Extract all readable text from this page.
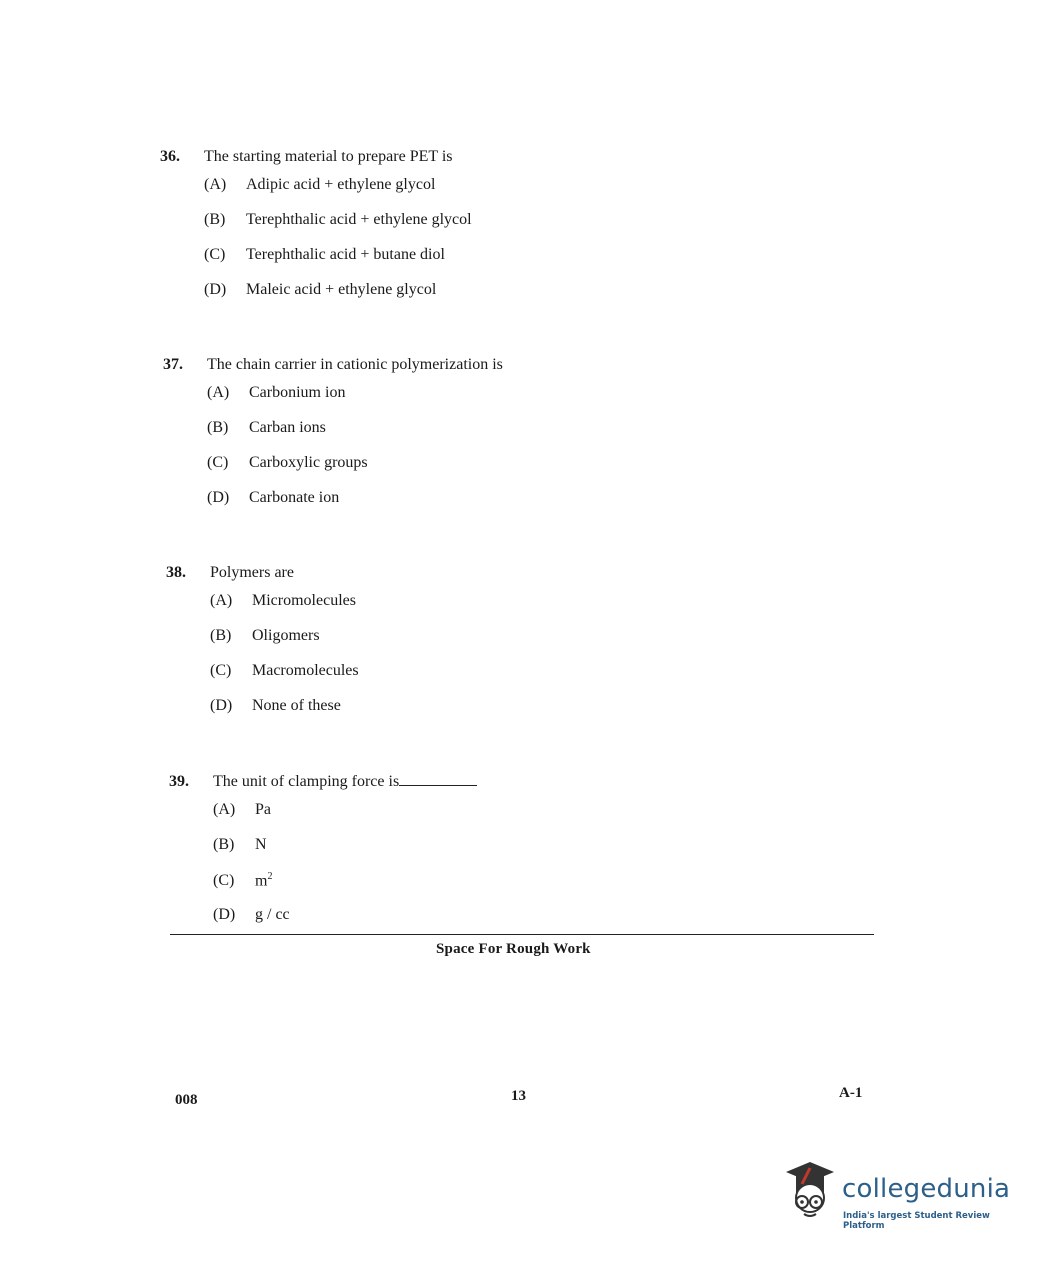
36.	The starting material to prepare PET is
(A)	Adipic acid + ethylene glycol
(B)	Terephthalic acid + ethylene glycol
(C)	Terephthalic acid + butane diol
(D)	Maleic acid + ethylene glycol
37.	The chain carrier in cationic polymerization is
(A)	Carbonium ion
(B)	Carban ions
(C)	Carboxylic groups
(D)	Carbonate ion
38.	Polymers are
(A)	Micromolecules
(B)	Oligomers
(C)	Macromolecules
(D)	None of these
39.	The unit of clamping force is
(A)	Pa
(B)	N
(C)	$m^2$
(D)	g / cc
Space For Rough Work
008	13	A-1
collegedunia
India's largest Student Review Platform
